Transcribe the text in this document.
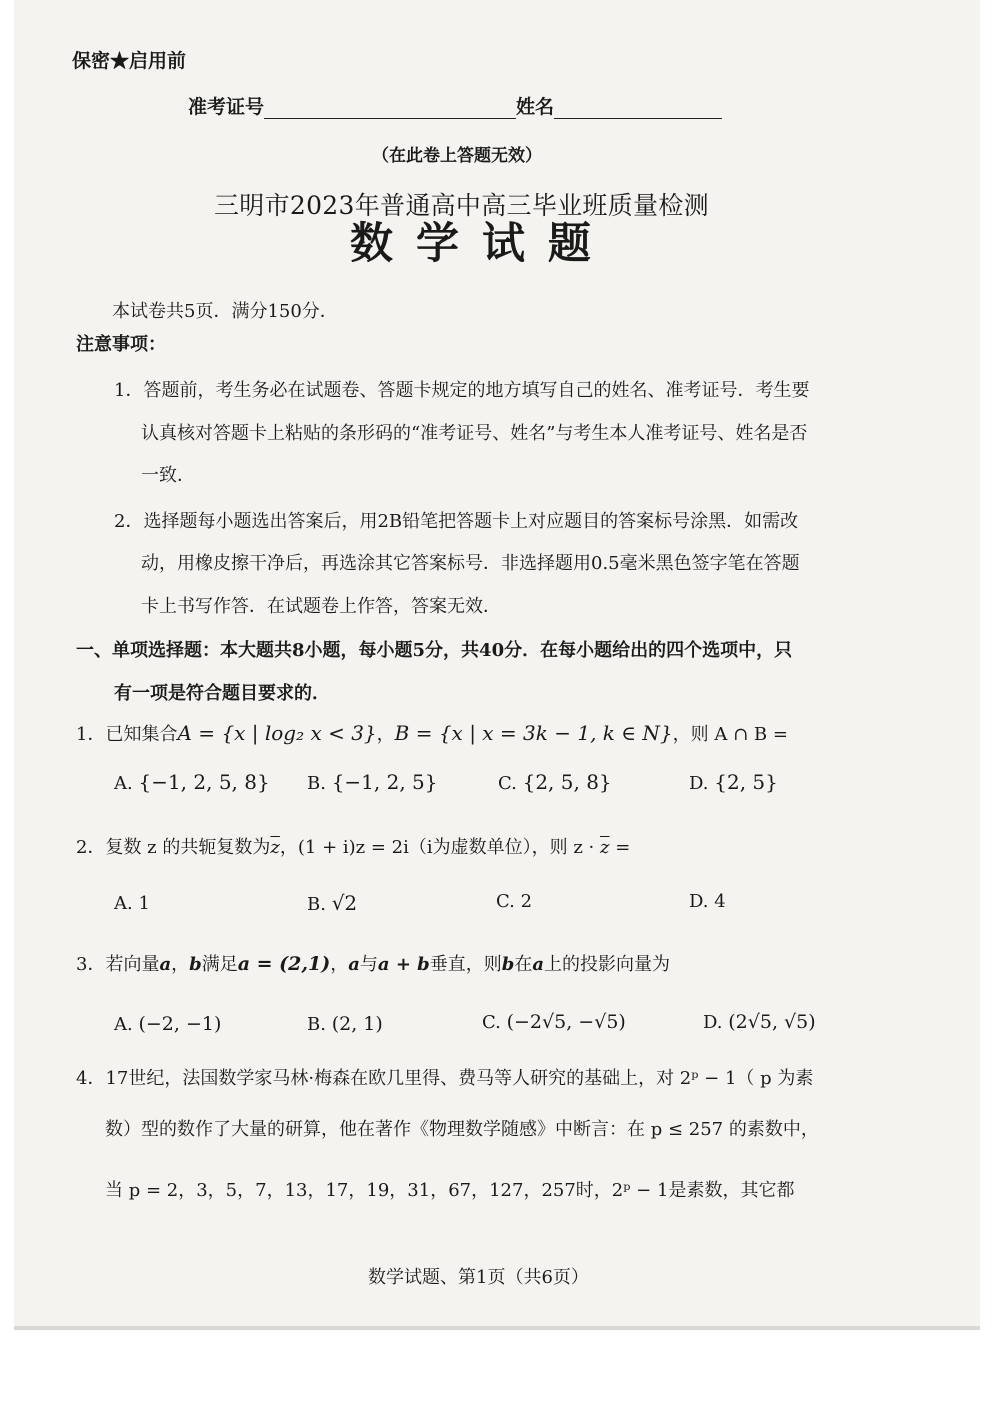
保密★启用前
准考证号	姓名
（在此卷上答题无效）
三明市2023年普通高中高三毕业班质量检测
数 学 试 题
本试卷共5页．满分150分．
注意事项：
1．答题前，考生务必在试题卷、答题卡规定的地方填写自己的姓名、准考证号．考生要
认真核对答题卡上粘贴的条形码的“准考证号、姓名”与考生本人准考证号、姓名是否
一致．
2．选择题每小题选出答案后，用2B铅笔把答题卡上对应题目的答案标号涂黑．如需改
动，用橡皮擦干净后，再选涂其它答案标号．非选择题用0.5毫米黑色签字笔在答题
卡上书写作答．在试题卷上作答，答案无效．
一、单项选择题：本大题共8小题，每小题5分，共40分．在每小题给出的四个选项中，只
有一项是符合题目要求的．
1．已知集合A = {x | log₂ x < 3}，B = {x | x = 3k − 1, k ∈ N}，则 A ∩ B =
A. {−1, 2, 5, 8} B. {−1, 2, 5}	C. {2, 5, 8}	D. {2, 5}
2．复数 z 的共轭复数为$\overline{z}$，(1 + i)z = 2i（i为虚数单位），则 $z \cdot \overline{z}$ =
A. 1	B. √2	C. 2	D. 4
3．若向量a，b满足a = (2,1)，a与a + b垂直，则b在a上的投影向量为
A. (−2, −1)	B. (2, 1)	C. (−2√5, −√5)	D. (2√5, √5)
4．17世纪，法国数学家马林·梅森在欧几里得、费马等人研究的基础上，对 2ᵖ − 1（ p 为素
数）型的数作了大量的研算，他在著作《物理数学随感》中断言：在 p ≤ 257 的素数中，
当 p = 2，3，5，7，13，17，19，31，67，127，257时，2ᵖ − 1是素数，其它都
数学试题、第1页（共6页）
